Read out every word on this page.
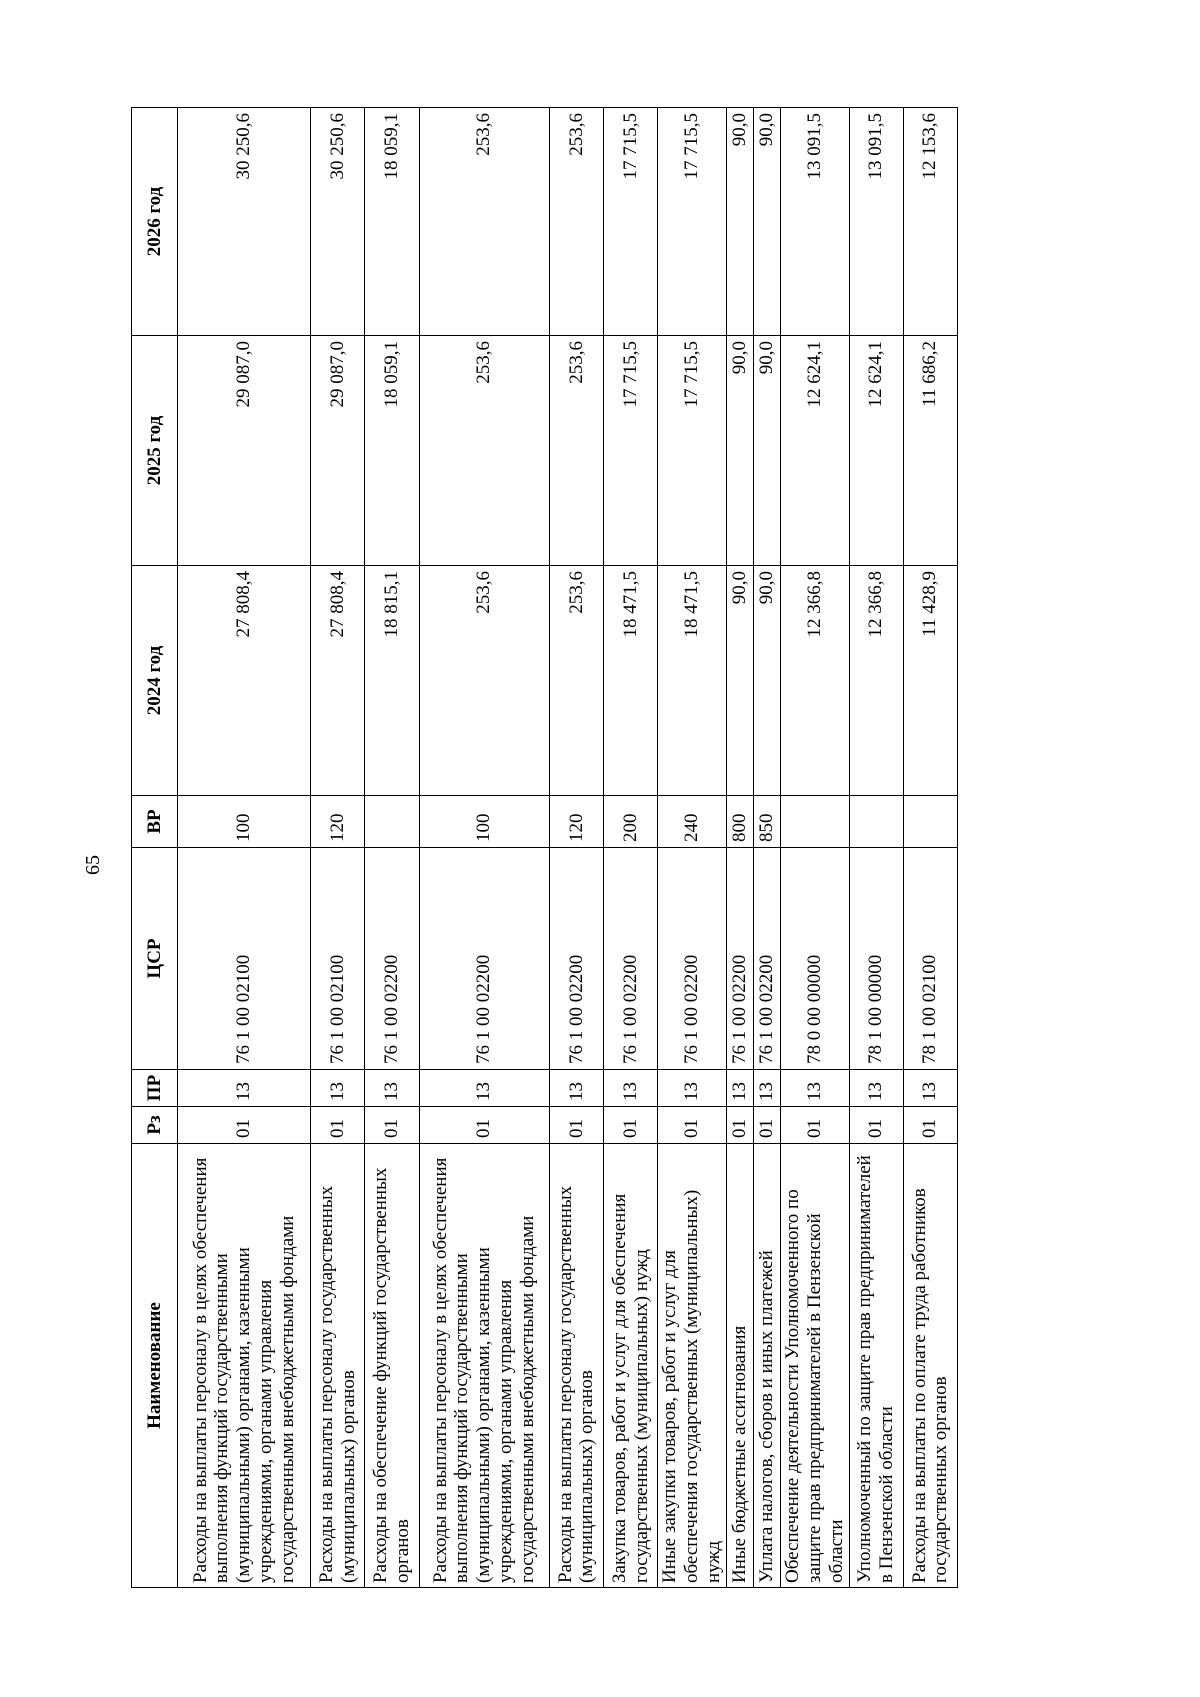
65
Наименование	Рз	ПР	ЦСР	ВР	2024 год	2025 год	2026 год
Расходы на выплаты персоналу в целях обеспечения выполнения функций государственными (муниципальными) органами, казенными учреждениями, органами управления государственными внебюджетными фондами	01	13	76 1 00 02100	100	27 808,4	29 087,0	30 250,6
Расходы на выплаты персоналу государственных (муниципальных) органов	01	13	76 1 00 02100	120	27 808,4	29 087,0	30 250,6
Расходы на обеспечение функций государственных органов	01	13	76 1 00 02200		18 815,1	18 059,1	18 059,1
Расходы на выплаты персоналу в целях обеспечения выполнения функций государственными (муниципальными) органами, казенными учреждениями, органами управления государственными внебюджетными фондами	01	13	76 1 00 02200	100	253,6	253,6	253,6
Расходы на выплаты персоналу государственных (муниципальных) органов	01	13	76 1 00 02200	120	253,6	253,6	253,6
Закупка товаров, работ и услуг для обеспечения государственных (муниципальных) нужд	01	13	76 1 00 02200	200	18 471,5	17 715,5	17 715,5
Иные закупки товаров, работ и услуг для обеспечения государственных (муниципальных) нужд	01	13	76 1 00 02200	240	18 471,5	17 715,5	17 715,5
Иные бюджетные ассигнования	01	13	76 1 00 02200	800	90,0	90,0	90,0
Уплата налогов, сборов и иных платежей	01	13	76 1 00 02200	850	90,0	90,0	90,0
Обеспечение деятельности Уполномоченного по защите прав предпринимателей в Пензенской области	01	13	78 0 00 00000		12 366,8	12 624,1	13 091,5
Уполномоченный по защите прав предпринимателей в Пензенской области	01	13	78 1 00 00000		12 366,8	12 624,1	13 091,5
Расходы на выплаты по оплате труда работников государственных органов	01	13	78 1 00 02100		11 428,9	11 686,2	12 153,6
